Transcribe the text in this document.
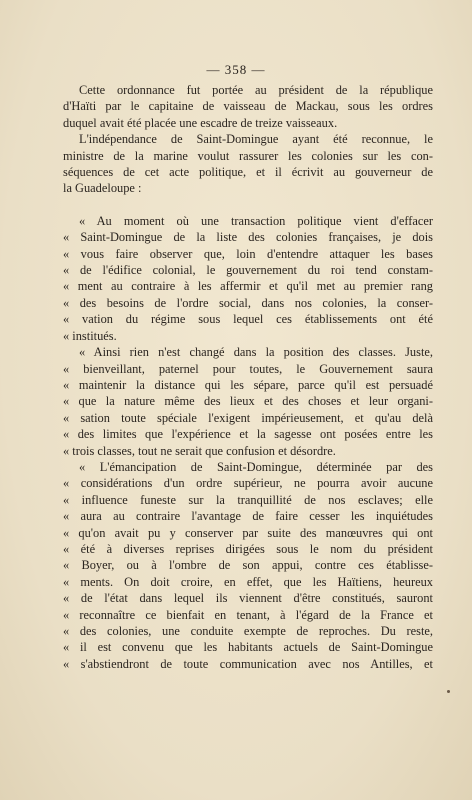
— 358 —
Cette ordonnance fut portée au président de la république
d'Haïti par le capitaine de vaisseau de Mackau, sous les ordres
duquel avait été placée une escadre de treize vaisseaux.
L'indépendance de Saint-Domingue ayant été reconnue, le
ministre de la marine voulut rassurer les colonies sur les con-
séquences de cet acte politique, et il écrivit au gouverneur de
la Guadeloupe :
« Au moment où une transaction politique vient d'effacer
« Saint-Domingue de la liste des colonies françaises, je dois
« vous faire observer que, loin d'entendre attaquer les bases
« de l'édifice colonial, le gouvernement du roi tend constam-
« ment au contraire à les affermir et qu'il met au premier rang
« des besoins de l'ordre social, dans nos colonies, la conser-
« vation du régime sous lequel ces établissements ont été
« institués.
« Ainsi rien n'est changé dans la position des classes. Juste,
« bienveillant, paternel pour toutes, le Gouvernement saura
« maintenir la distance qui les sépare, parce qu'il est persuadé
« que la nature même des lieux et des choses et leur organi-
« sation toute spéciale l'exigent impérieusement, et qu'au delà
« des limites que l'expérience et la sagesse ont posées entre les
« trois classes, tout ne serait que confusion et désordre.
« L'émancipation de Saint-Domingue, déterminée par des
« considérations d'un ordre supérieur, ne pourra avoir aucune
« influence funeste sur la tranquillité de nos esclaves; elle
« aura au contraire l'avantage de faire cesser les inquiétudes
« qu'on avait pu y conserver par suite des manœuvres qui ont
« été à diverses reprises dirigées sous le nom du président
« Boyer, ou à l'ombre de son appui, contre ces établisse-
« ments. On doit croire, en effet, que les Haïtiens, heureux
« de l'état dans lequel ils viennent d'être constitués, sauront
« reconnaître ce bienfait en tenant, à l'égard de la France et
« des colonies, une conduite exempte de reproches. Du reste,
« il est convenu que les habitants actuels de Saint-Domingue
« s'abstiendront de toute communication avec nos Antilles, et
